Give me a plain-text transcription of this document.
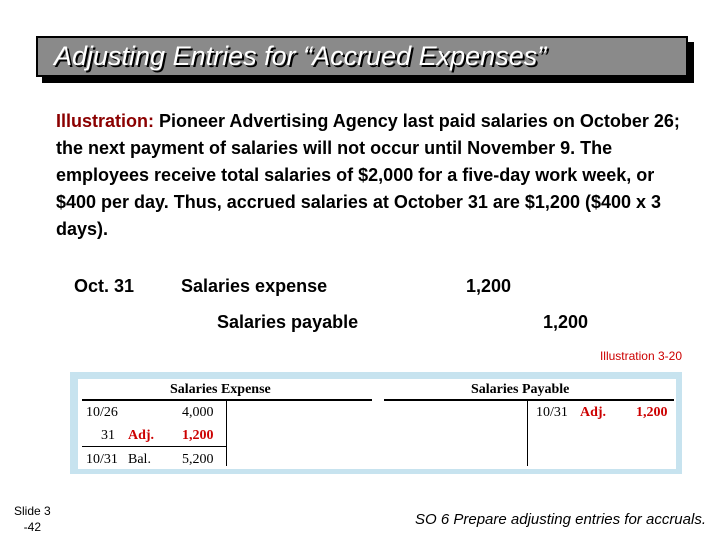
Adjusting Entries for “Accrued Expenses”
Illustration: Pioneer Advertising Agency last paid salaries on October 26; the next payment of salaries will not occur until November 9. The employees receive total salaries of $2,000 for a five-day work week, or $400 per day. Thus, accrued salaries at October 31 are $1,200 ($400 x 3 days).
Oct. 31	Salaries expense	1,200
Salaries payable	1,200
Illustration 3-20
Salaries Expense
10/26	4,000
31 Adj. 1,200
10/31 Bal. 5,200
Salaries Payable
10/31 Adj. 1,200
Slide 3
-42	SO 6 Prepare adjusting entries for accruals.
